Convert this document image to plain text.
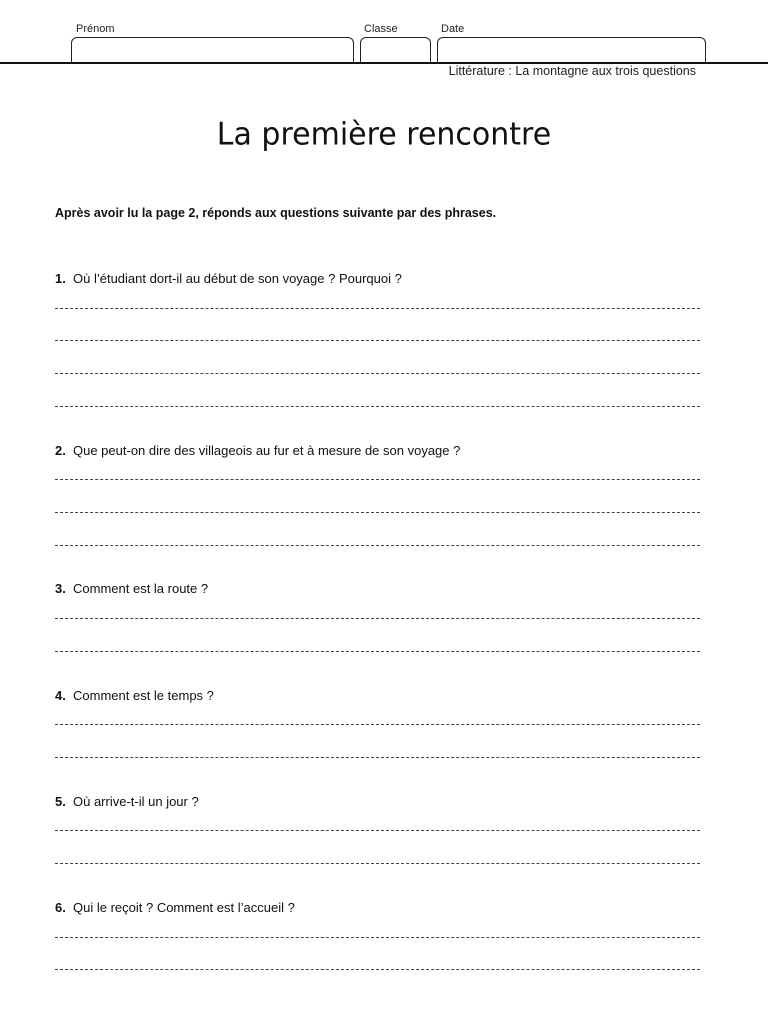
Prénom	Classe	Date
Littérature : La montagne aux trois questions
La première rencontre
Après avoir lu la page 2, réponds aux questions suivante par des phrases.
1. Où l’étudiant dort-il au début de son voyage ? Pourquoi ?
2. Que peut-on dire des villageois au fur et à mesure de son voyage ?
3. Comment est la route ?
4. Comment est le temps ?
5. Où arrive-t-il un jour ?
6. Qui le reçoit ? Comment est l’accueil ?
